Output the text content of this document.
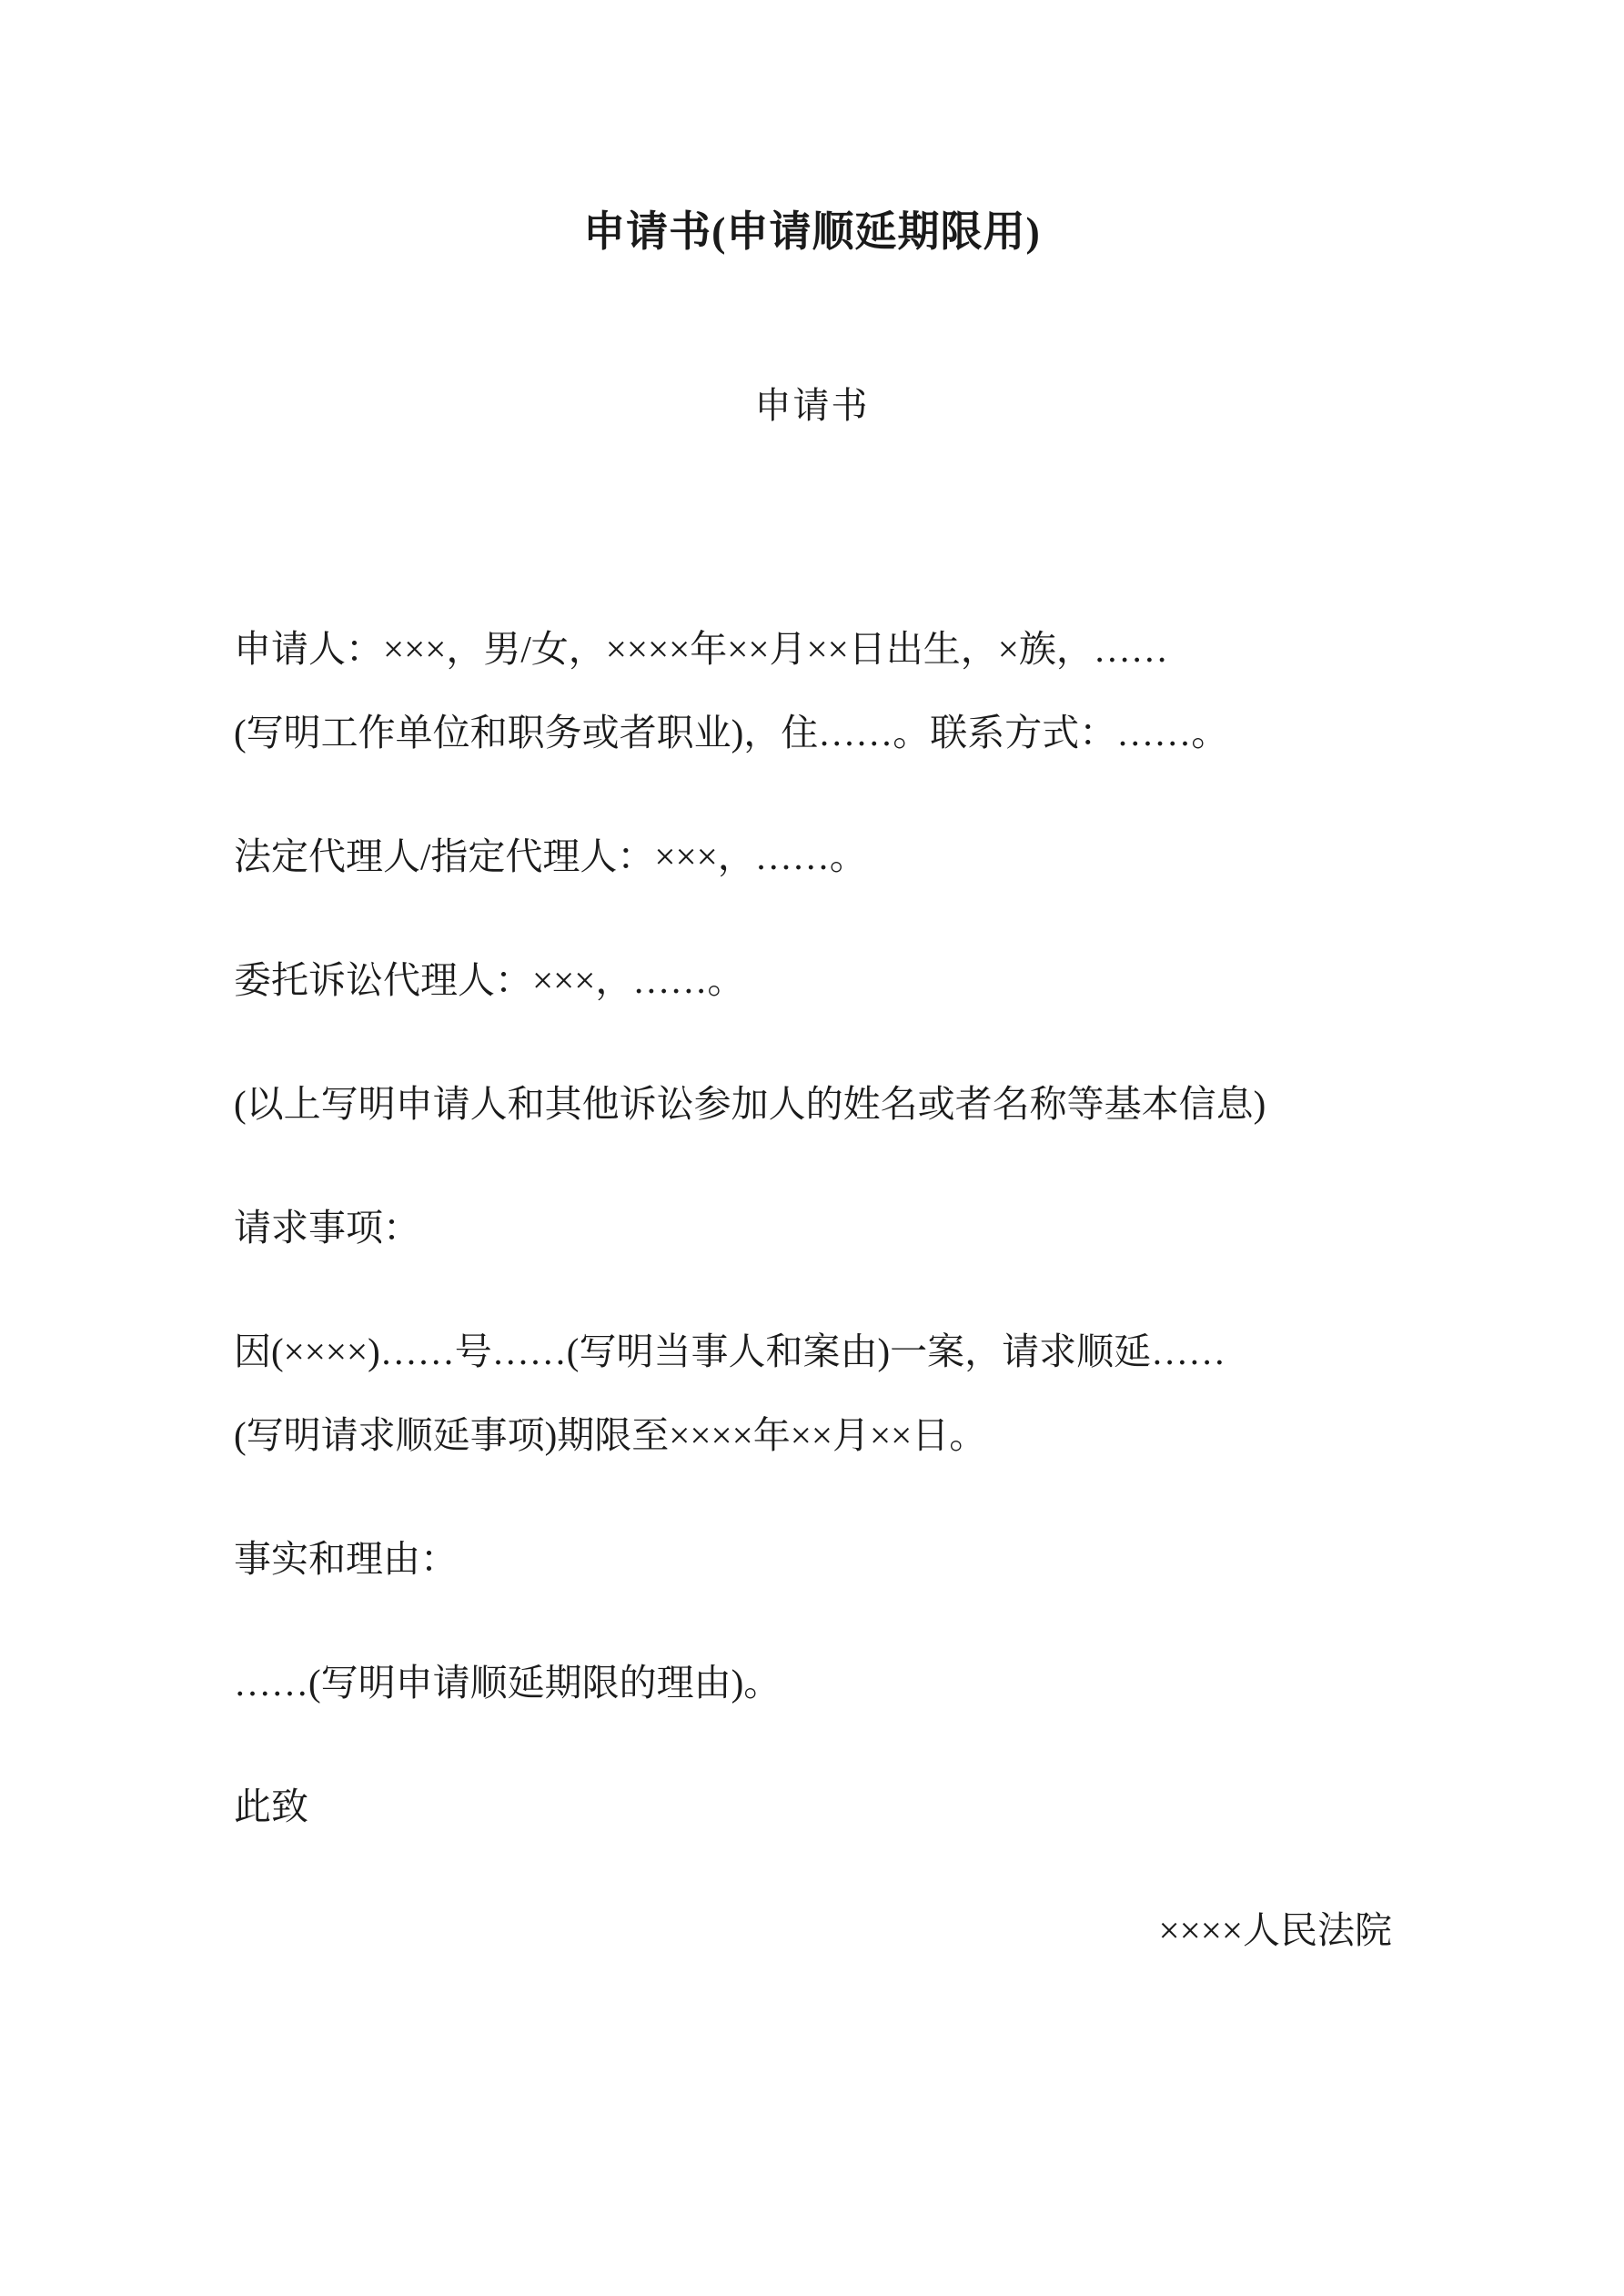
申请书(申请顺延期限用)
申请书

申请人：×××，男/女，××××年××月××日出生，×族，……
(写明工作单位和职务或者职业)，住……。联系方式：……。

法定代理人/指定代理人：×××，……。

委托诉讼代理人：×××，……。

(以上写明申请人和其他诉讼参加人的姓名或者名称等基本信息)

请求事项：

因(××××)……号……(写明当事人和案由)一案，请求顺延……
(写明请求顺延事项)期限至××××年××月××日。

事实和理由：

……(写明申请顺延期限的理由)。

此致

××××人民法院
